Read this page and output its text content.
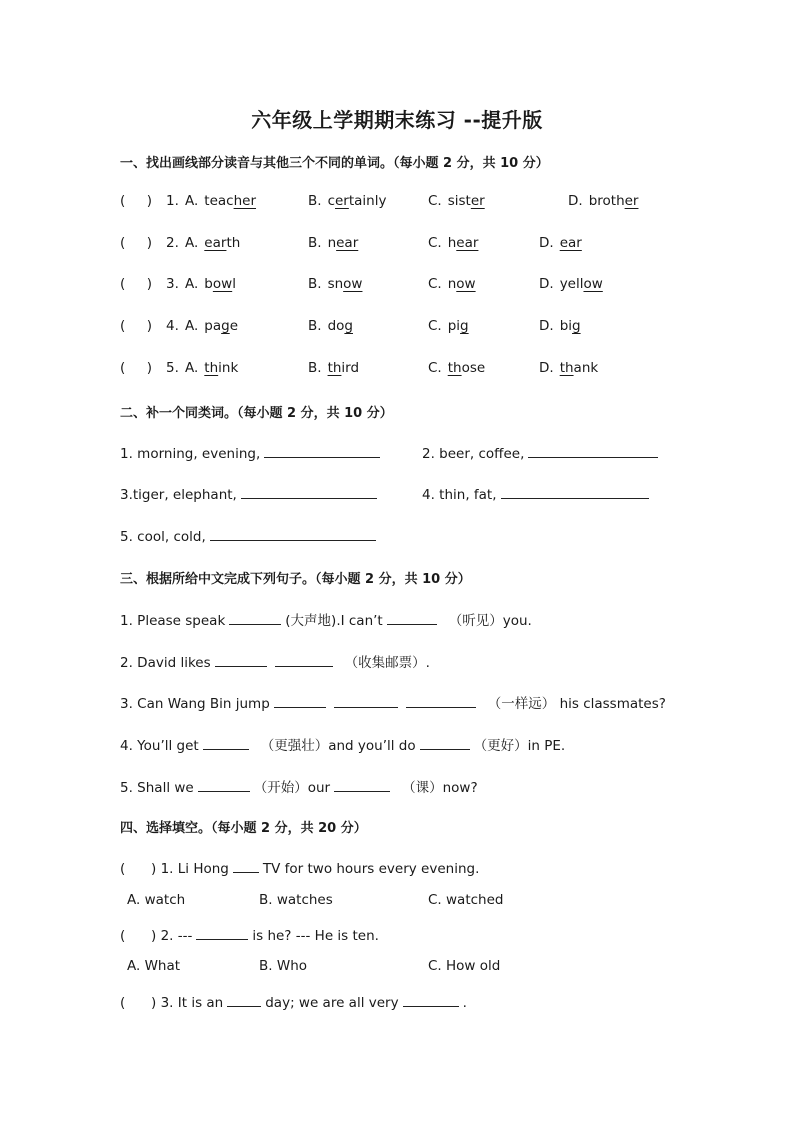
六年级上学期期末练习 --提升版
一、找出画线部分读音与其他三个不同的单词。（每小题 2 分，共 10 分）
(     ) 1. A. teacher	B. certainly	C. sister	D. brother
(     ) 2. A. earth	B. near	C. hear	D. ear
(     ) 3. A. bowl	B. snow	C. now	D. yellow
(     ) 4. A. page	B. dog	C. pig	D. big
(     ) 5. A. think	B. third	C. those	D. thank
二、补一个同类词。（每小题 2 分，共 10 分）
1. morning, evening,	2. beer, coffee,
3.tiger, elephant,	4. thin, fat,
5. cool, cold,
三、根据所给中文完成下列句子。（每小题 2 分，共 10 分）
1. Please speak	(大声地).I can’t	（听见）you.
2. David likes	（收集邮票）.
3. Can Wang Bin jump	（一样远） his classmates?
4. You’ll get	（更强壮）and you’ll do	（更好）in PE.
5. Shall we	（开始）our	（课）now?
四、选择填空。（每小题 2 分，共 20 分）
(      ) 1. Li Hong	TV for two hours every evening.
A. watch	B. watches	C. watched
(      ) 2. ---	is he? --- He is ten.
A. What	B. Who	C. How old
(      ) 3. It is an	day; we are all very	.
